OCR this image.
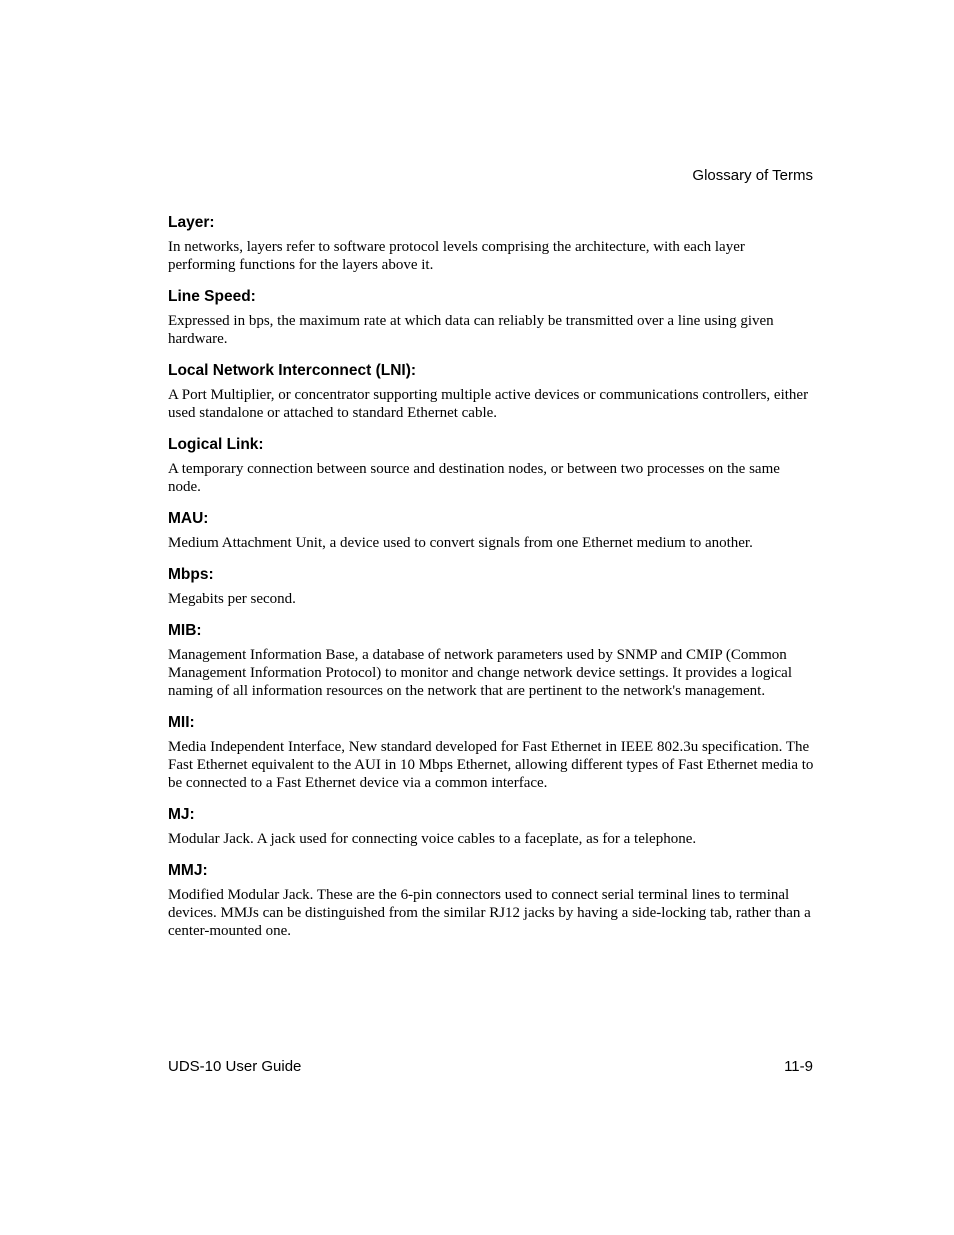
Glossary of Terms

Layer:

In networks, layers refer to software protocol levels comprising the architecture, with each layer performing functions for the layers above it.

Line Speed:

Expressed in bps, the maximum rate at which data can reliably be transmitted over a line using given hardware.

Local Network Interconnect (LNI):

A Port Multiplier, or concentrator supporting multiple active devices or communications controllers, either used standalone or attached to standard Ethernet cable.

Logical Link:

A temporary connection between source and destination nodes, or between two processes on the same node.

MAU:

Medium Attachment Unit, a device used to convert signals from one Ethernet medium to another.

Mbps:

Megabits per second.

MIB:

Management Information Base, a database of network parameters used by SNMP and CMIP (Common Management Information Protocol) to monitor and change network device settings. It provides a logical naming of all information resources on the network that are pertinent to the network's management.

MII:

Media Independent Interface, New standard developed for Fast Ethernet in IEEE 802.3u specification. The Fast Ethernet equivalent to the AUI in 10 Mbps Ethernet, allowing different types of Fast Ethernet media to be connected to a Fast Ethernet device via a common interface.

MJ:

Modular Jack. A jack used for connecting voice cables to a faceplate, as for a telephone.

MMJ:

Modified Modular Jack. These are the 6-pin connectors used to connect serial terminal lines to terminal devices. MMJs can be distinguished from the similar RJ12 jacks by having a side-locking tab, rather than a center-mounted one.

UDS-10 User Guide	11-9
